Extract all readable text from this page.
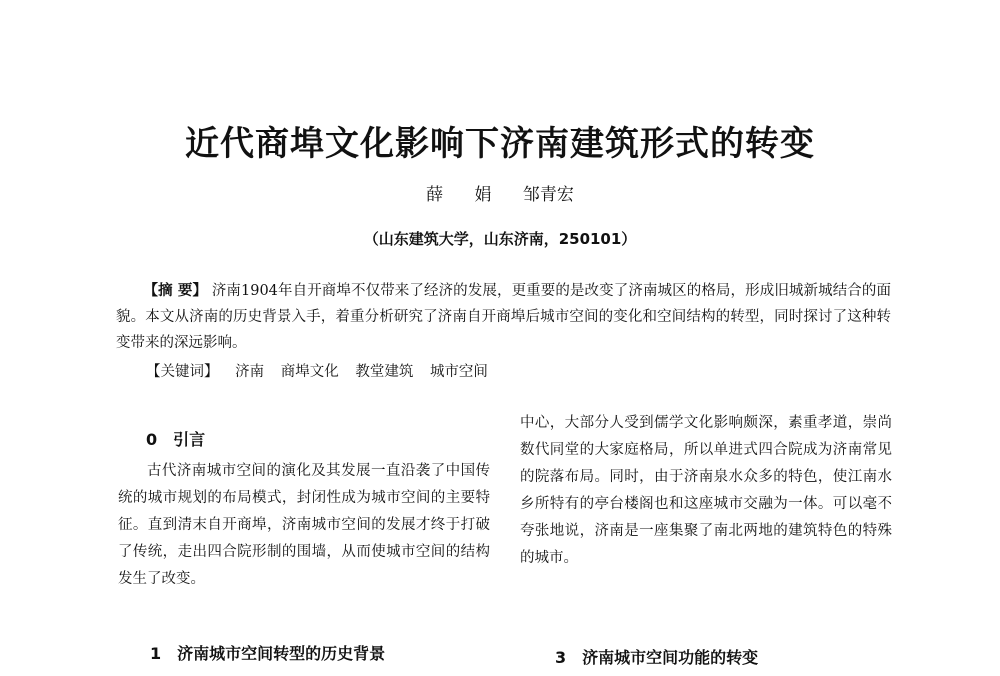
近代商埠文化影响下济南建筑形式的转变
薛 娟 邹青宏
（山东建筑大学，山东济南，250101）

【摘 要】 济南1904年自开商埠不仅带来了经济的发展，更重要的是改变了济南城区的格局，形成旧城新城结合的面貌。本文从济南的历史背景入手，着重分析研究了济南自开商埠后城市空间的变化和空间结构的转型，同时探讨了这种转变带来的深远影响。

【关键词】 济南 商埠文化 教堂建筑 城市空间
0 引言

古代济南城市空间的演化及其发展一直沿袭了中国传统的城市规划的布局模式，封闭性成为城市空间的主要特征。直到清末自开商埠，济南城市空间的发展才终于打破了传统，走出四合院形制的围墙，从而使城市空间的结构发生了改变。

中心，大部分人受到儒学文化影响颇深，素重孝道，崇尚数代同堂的大家庭格局，所以单进式四合院成为济南常见的院落布局。同时，由于济南泉水众多的特色，使江南水乡所特有的亭台楼阁也和这座城市交融为一体。可以毫不夸张地说，济南是一座集聚了南北两地的建筑特色的特殊的城市。

1 济南城市空间转型的历史背景	3 济南城市空间功能的转变
